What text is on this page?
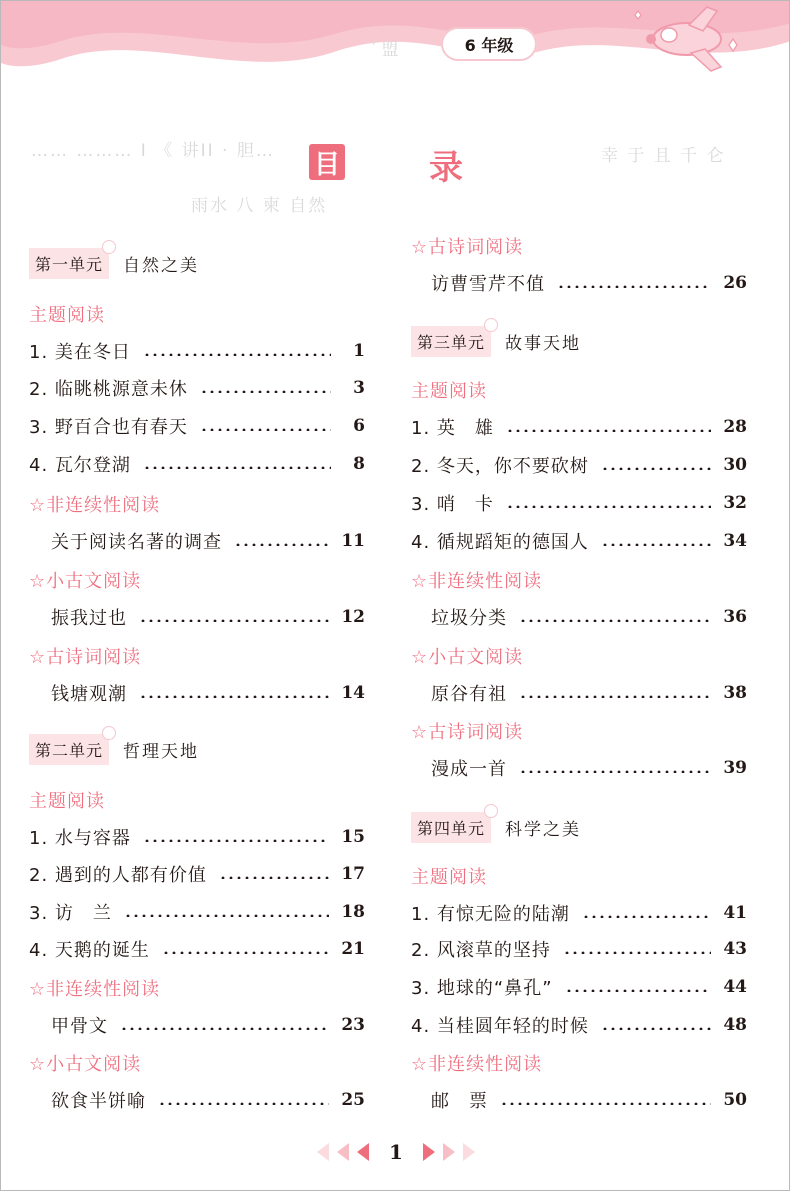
ﾞ盟	6 年级
…… ……… I 《 讲II · 胆…
雨水 八 柬 自然
幸 于 且 千 仑
目	录
第一单元	自然之美
主题阅读
1. 美在冬日	1
2. 临眺桃源意未休	3
3. 野百合也有春天	6
4. 瓦尔登湖	8
☆非连续性阅读
关于阅读名著的调查	11
☆小古文阅读
振我过也	12
☆古诗词阅读
钱塘观潮	14
第二单元	哲理天地
主题阅读
1. 水与容器	15
2. 遇到的人都有价值	17
3. 访　兰	18
4. 天鹅的诞生	21
☆非连续性阅读
甲骨文	23
☆小古文阅读
欲食半饼喻	25
☆古诗词阅读
访曹雪芹不值	26
第三单元	故事天地
主题阅读
1. 英　雄	28
2. 冬天，你不要砍树	30
3. 哨　卡	32
4. 循规蹈矩的德国人	34
☆非连续性阅读
垃圾分类	36
☆小古文阅读
原谷有祖	38
☆古诗词阅读
漫成一首	39
第四单元	科学之美
主题阅读
1. 有惊无险的陆潮	41
2. 风滚草的坚持	43
3. 地球的“鼻孔”	44
4. 当桂圆年轻的时候	48
☆非连续性阅读
邮　票	50
1
